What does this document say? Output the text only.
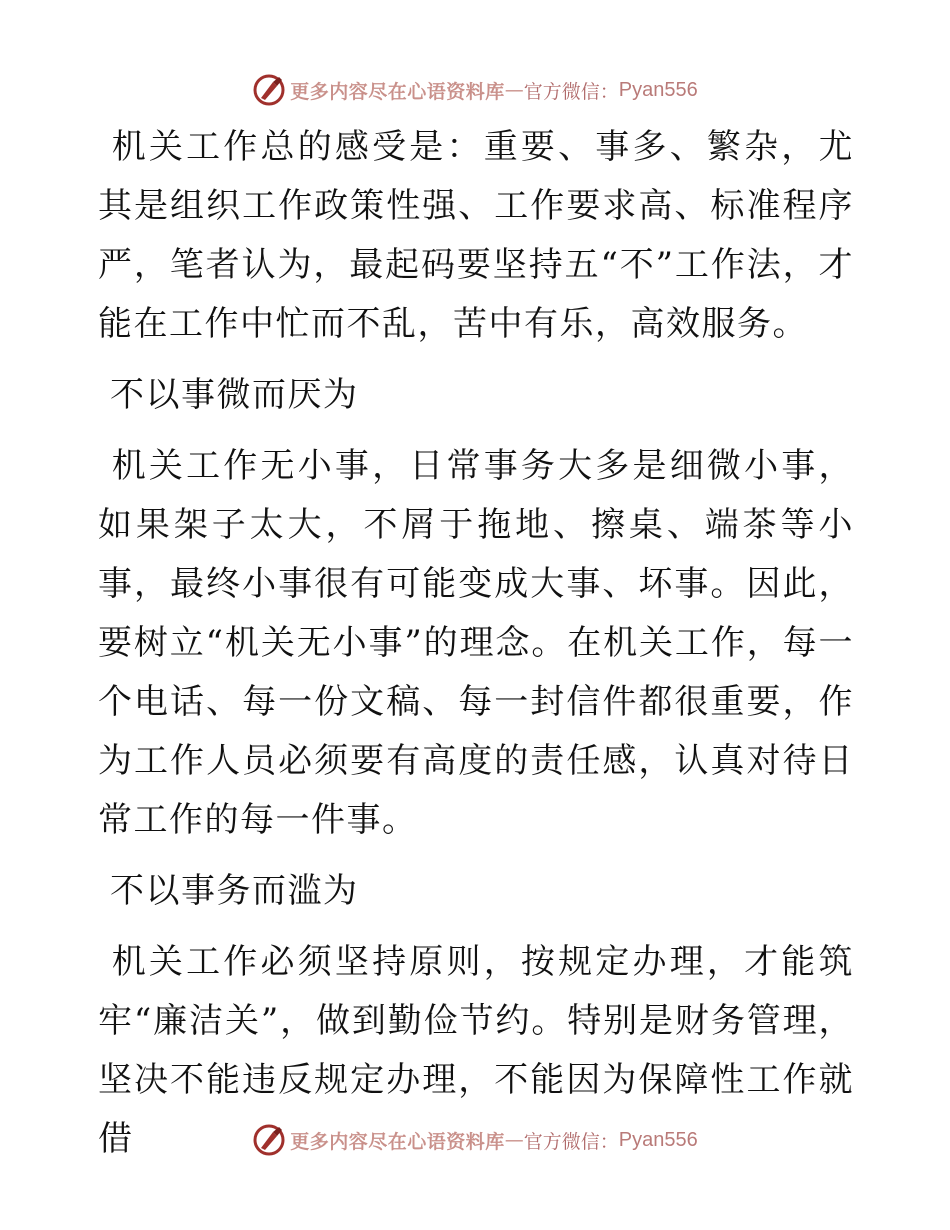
更多内容尽在心语资料库 — 官方微信： Pyan556

机关工作总的感受是：重要、事多、繁杂，尤其是组织工作政策性强、工作要求高、标准程序严，笔者认为，最起码要坚持五“不”工作法，才能在工作中忙而不乱，苦中有乐，高效服务。

不以事微而厌为

机关工作无小事，日常事务大多是细微小事，如果架子太大，不屑于拖地、擦桌、端茶等小事，最终小事很有可能变成大事、坏事。因此，要树立“机关无小事”的理念。在机关工作，每一个电话、每一份文稿、每一封信件都很重要，作为工作人员必须要有高度的责任感，认真对待日常工作的每一件事。

不以事务而滥为

机关工作必须坚持原则，按规定办理，才能筑牢“廉洁关”，做到勤俭节约。特别是财务管理，坚决不能违反规定办理，不能因为保障性工作就借	更多内容尽在心语资料库 — 官方微信： Pyan556
